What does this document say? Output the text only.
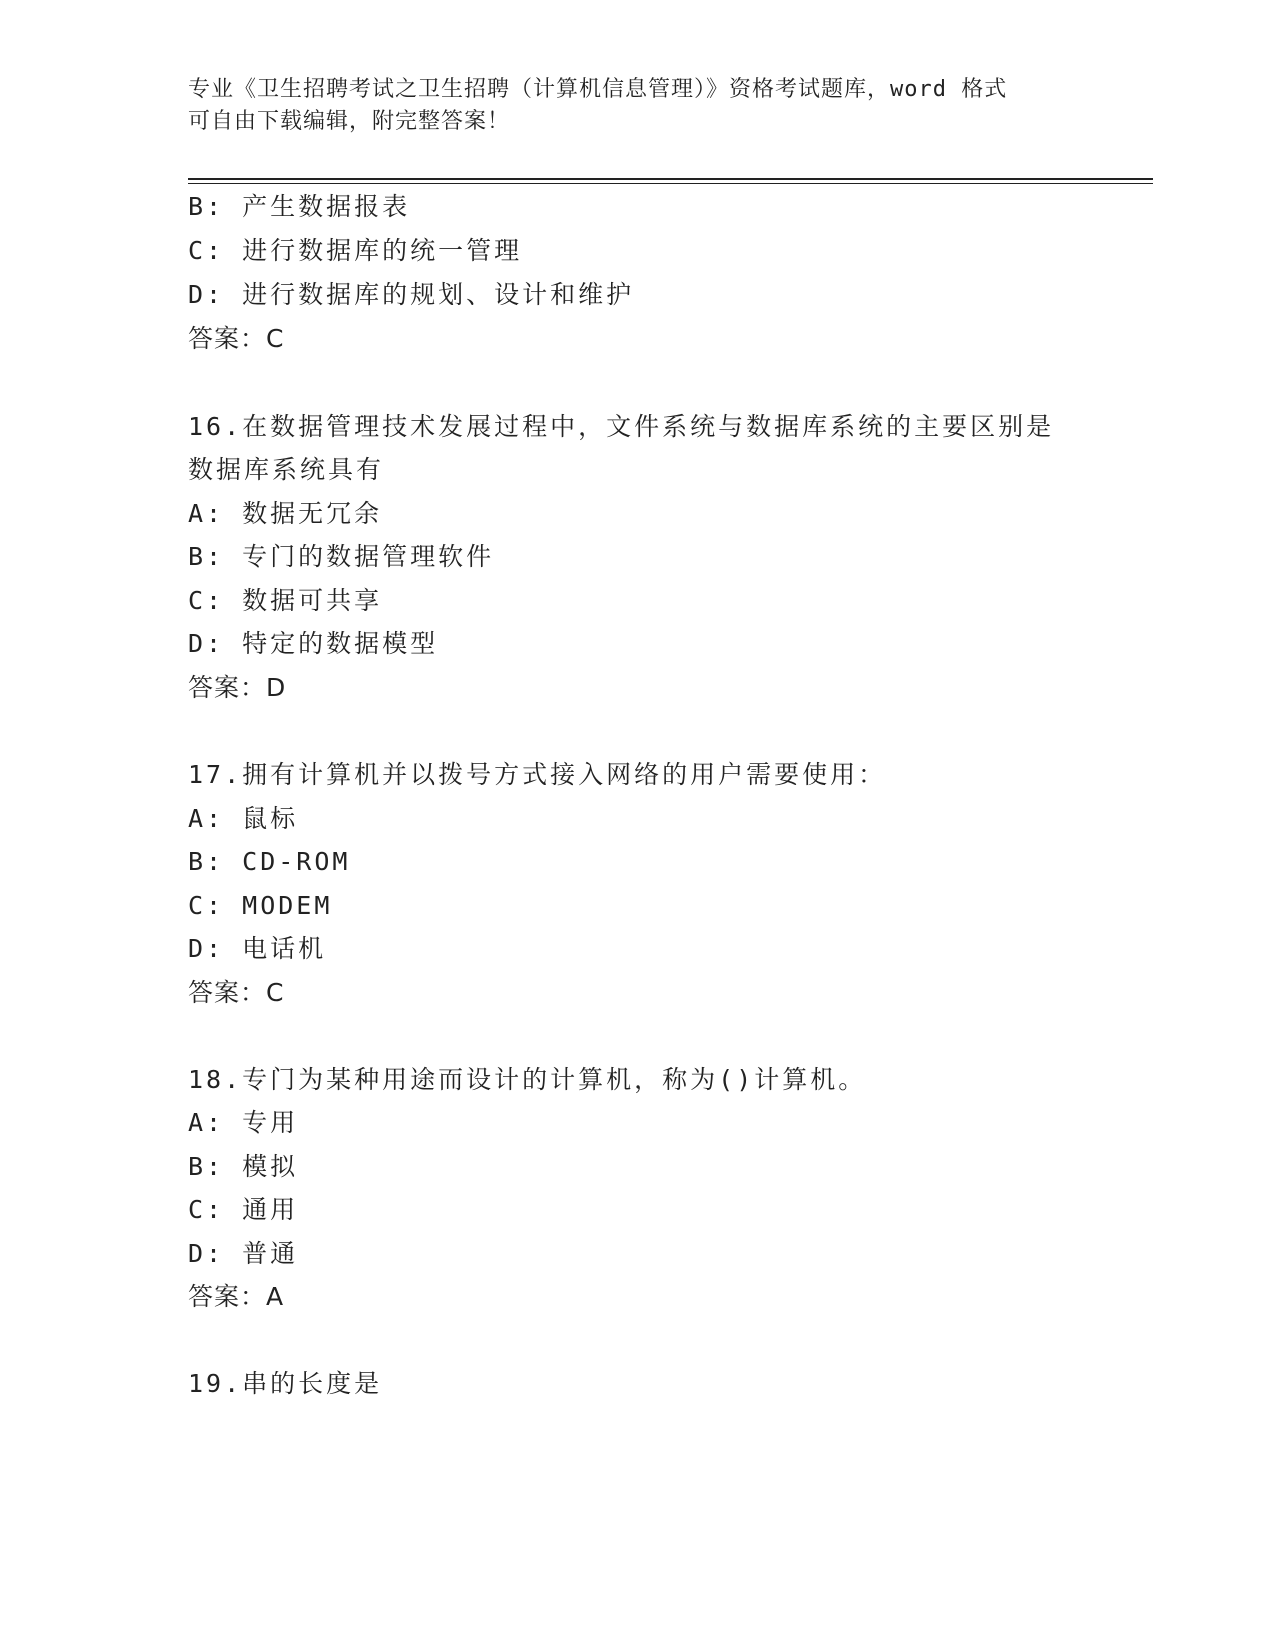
专业《卫生招聘考试之卫生招聘（计算机信息管理）》资格考试题库，word 格式
可自由下载编辑，附完整答案！
B: 产生数据报表
C: 进行数据库的统一管理
D: 进行数据库的规划、设计和维护
答案：C
16.在数据管理技术发展过程中，文件系统与数据库系统的主要区别是
数据库系统具有
A: 数据无冗余
B: 专门的数据管理软件
C: 数据可共享
D: 特定的数据模型
答案：D
17.拥有计算机并以拨号方式接入网络的用户需要使用：
A: 鼠标
B: CD-ROM
C: MODEM
D: 电话机
答案：C
18.专门为某种用途而设计的计算机，称为()计算机。
A: 专用
B: 模拟
C: 通用
D: 普通
答案：A
19.串的长度是
